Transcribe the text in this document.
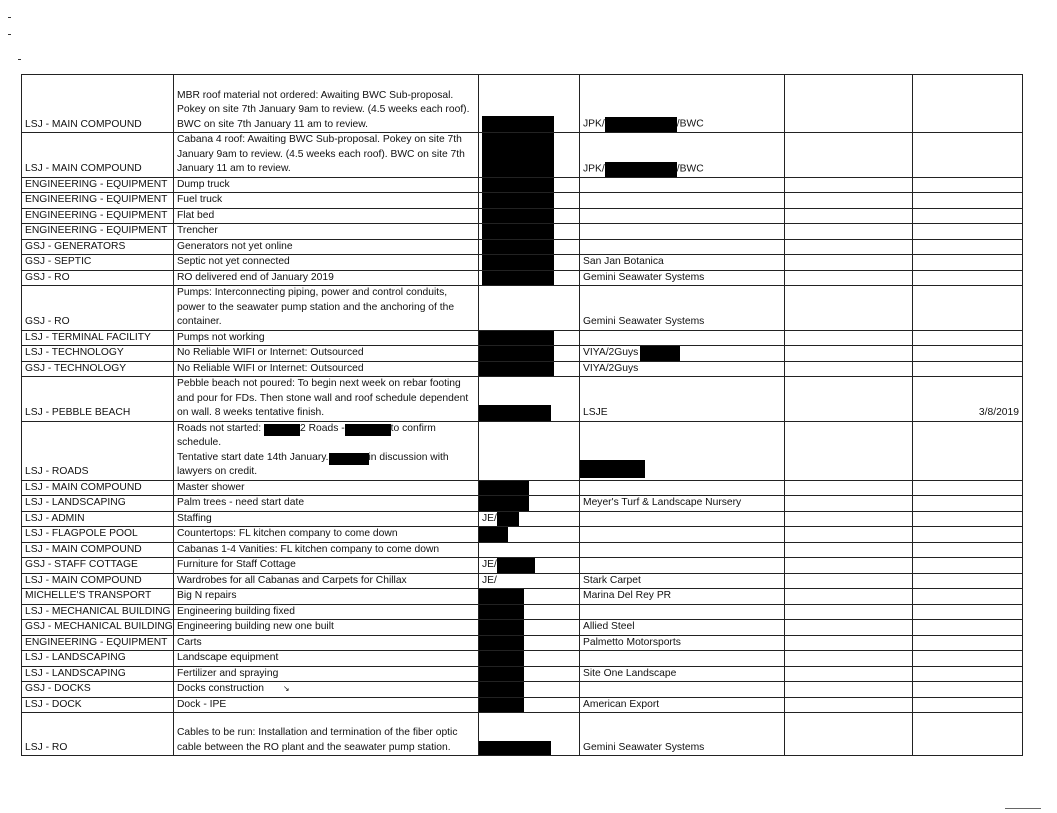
LSJ - MAIN COMPOUND	MBR roof material not ordered: Awaiting BWC Sub-proposal. Pokey on site 7th January 9am to review. (4.5 weeks each roof). BWC on site 7th January 11 am to review.		JPK/ /BWC		
LSJ - MAIN COMPOUND	Cabana 4 roof: Awaiting BWC Sub-proposal. Pokey on site 7th January 9am to review. (4.5 weeks each roof). BWC on site 7th January 11 am to review.		JPK/ /BWC		
ENGINEERING - EQUIPMENT	Dump truck	

ENGINEERING - EQUIPMENT	Fuel truck	

ENGINEERING - EQUIPMENT	Flat bed	

ENGINEERING - EQUIPMENT	Trencher	

GSJ - GENERATORS	Generators not yet online	

GSJ - SEPTIC	Septic not yet connected		San Jan Botanica		
GSJ - RO	RO delivered end of January 2019		Gemini Seawater Systems		
GSJ - RO	Pumps: Interconnecting piping, power and control conduits, power to the seawater pump station and the anchoring of the container.		Gemini Seawater Systems		
LSJ - TERMINAL FACILITY	Pumps not working	

LSJ - TECHNOLOGY	No Reliable WIFI or Internet: Outsourced		VIYA/2Guys

GSJ - TECHNOLOGY	No Reliable WIFI or Internet: Outsourced		VIYA/2Guys		
LSJ - PEBBLE BEACH	Pebble beach not poured: To begin next week on rebar footing and pour for FDs. Then stone wall and roof schedule dependent on wall. 8 weeks tentative finish.		LSJE		3/8/2019
LSJ - ROADS	Roads not started: 2 Roads - to confirm schedule.
Tentative start date 14th January. in discussion with
lawyers on credit.				

LSJ - MAIN COMPOUND	Master shower	

LSJ - LANDSCAPING	Palm trees - need start date		Meyer's Turf & Landscape Nursery		
LSJ - ADMIN	Staffing	JE/

LSJ - FLAGPOLE POOL	Countertops: FL kitchen company to come down	

LSJ - MAIN COMPOUND	Cabanas 1-4 Vanities: FL kitchen company to come down				
GSJ - STAFF COTTAGE	Furniture for Staff Cottage	JE/

LSJ - MAIN COMPOUND	Wardrobes for all Cabanas and Carpets for Chillax	JE/	Stark Carpet		
MICHELLE'S TRANSPORT	Big N repairs		Marina Del Rey PR		
LSJ - MECHANICAL BUILDING	Engineering building fixed	

GSJ - MECHANICAL BUILDING	Engineering building new one built		Allied Steel		
ENGINEERING - EQUIPMENT	Carts		Palmetto Motorsports		
LSJ - LANDSCAPING	Landscape equipment	

LSJ - LANDSCAPING	Fertilizer and spraying		Site One Landscape		
GSJ - DOCKS	Docks construction ↘	

LSJ - DOCK	Dock - IPE		American Export		
LSJ - RO	Cables to be run: Installation and termination of the fiber optic cable between the RO plant and the seawater pump station.		Gemini Seawater Systems		
